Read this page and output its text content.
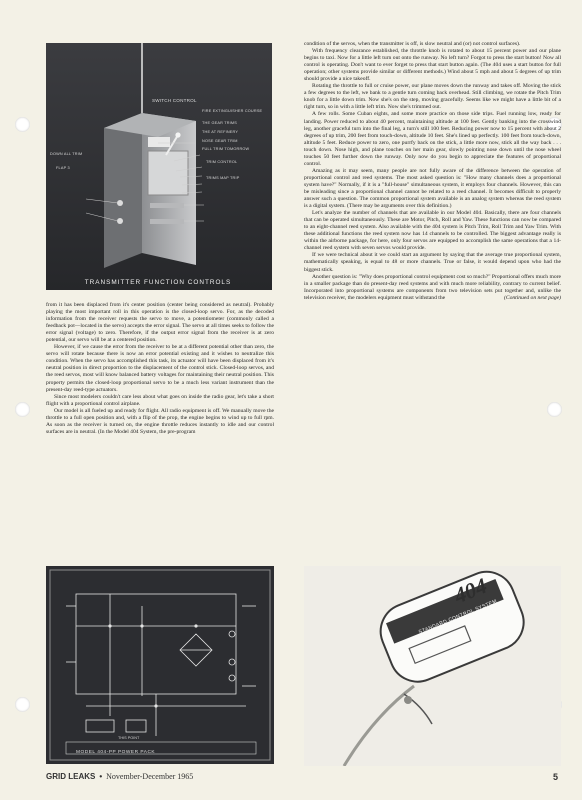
SWITCH CONTROL
FIRE EXTINGUISHER COURSE
THE GEAR TRIMS
THE AT REFINERY
NOSE GEAR TRIM
FULL TRIM TOMORROW
TRIM CONTROL
TRIMS MAP TRIP
DOWN ALL TRIM
FLAP 3
TRANSMITTER FUNCTION CONTROLS

condition of the servos, when the transmitter is off, is slow neutral and (or) not control surfaces).

With frequency clearance established, the throttle knob is rotated to about 15 percent power and our plane begins to taxi. Now for a little left turn out onto the runway. No left turn? Forgot to press the start button! Now all control is operating. Don't want to ever forget to press that start button again. (The 404 uses a start button for full operation; other systems provide similar or different methods.) Wind about 5 mph and about 5 degrees of up trim should provide a nice takeoff.

Rotating the throttle to full or cruise power, our plane moves down the runway and takes off. Moving the stick a few degrees to the left, we bank to a gentle turn coming back overhead. Still climbing, we rotate the Pitch Trim knob for a little down trim. Now she's on the step, moving gracefully. Seems like we might have a little bit of a right turn, so in with a little left trim. Now she's trimmed out.

A few rolls. Some Cuban eights, and some more practice on those side trips. Fuel running low, ready for landing. Power reduced to about 40 percent, maintaining altitude at 100 feet. Gently banking into the crosswind leg, another graceful turn into the final leg, a turn's still 100 feet. Reducing power now to 15 percent with about 2 degrees of up trim, 200 feet from touch-down, altitude 10 feet. She's lined up perfectly. 100 feet from touch-down, altitude 5 feet. Reduce power to zero, one purrfy back on the stick, a little more now, stick all the way back . . . touch down. Nose high, and plane touches on her main gear, slowly pointing nose down until the nose wheel touches 50 feet further down the runway. Only now do you begin to appreciate the features of proportional control.

Amazing as it may seem, many people are not fully aware of the difference between the operation of proportional control and reed systems. The most asked question is: "How many channels does a proportional system have?" Normally, if it is a "full-house" simultaneous system, it employs four channels. However, this can be misleading since a proportional channel cannot be related to a reed channel. It becomes difficult to properly answer such a question. The common proportional system available is an analog system whereas the reed system is a digital system. (There may be arguments over this definition.)

Let's analyze the number of channels that are available in our Model 404. Basically, there are four channels that can be operated simultaneously. These are Motor, Pitch, Roll and Yaw. These functions can now be compared to an eight-channel reed system. Also available with the 404 system is Pitch Trim, Roll Trim and Yaw Trim. With these additional functions the reed system now has 14 channels to be controlled. The biggest advantage really is within the airborne package, for here, only four servos are equipped to accomplish the same operations that a 14-channel reed system with seven servos would provide.

If we were technical about it we could start an argument by saying that the average true proportional system, mathematically speaking, is equal to 48 or more channels. True or false, it would depend upon who had the biggest stick.

Another question is: "Why does proportional control equipment cost so much?" Proportional offers much more in a smaller package than do present-day reed systems and with much more reliability, contrary to current belief. Incorporated into proportional systems are components from two television sets put together and, unlike the television receiver, the modelers equipment must withstand the	(Continued on next page)

from it has been displaced from it's center position (center being considered as neutral). Probably playing the most important roll in this operation is the closed-loop servo. For, as the decoded information from the receiver requests the servo to move, a potentiometer (commonly called a feedback pot—located in the servo) accepts the error signal. The servo at all times seeks to follow the error signal (voltage) to zero. Therefore, if the output error signal from the receiver is at zero potential, our servo will be at a centered position.

However, if we cause the error from the receiver to be at a different potential other than zero, the servo will rotate because there is now an error potential existing and it wishes to neutralize this condition. When the servo has accomplished this task, its actuator will have been displaced from it's neutral position in direct proportion to the displacement of the control stick. Closed-loop servos, and the reed servos, most will know balanced battery voltages for maintaining their neutral position. This property permits the closed-loop proportional servo to be a much less variant instrument than the present-day reed-type actuators.

Since most modelers couldn't care less about what goes on inside the radio gear, let's take a short flight with a proportional control airplane.

Our model is all fueled up and ready for flight. All radio equipment is off. We manually move the throttle to a full open position and, with a flip of the prop, the engine begins to wind up to full rpm. As soon as the receiver is turned on, the engine throttle reduces instantly to idle and our control surfaces are in neutral. (In the Model 404 System, the pre-program

THIS POINT
MODEL 404-PP POWER PACK
404
STANDARD CONTROL SYSTEM
GRID LEAKS • November-December 1965	5
